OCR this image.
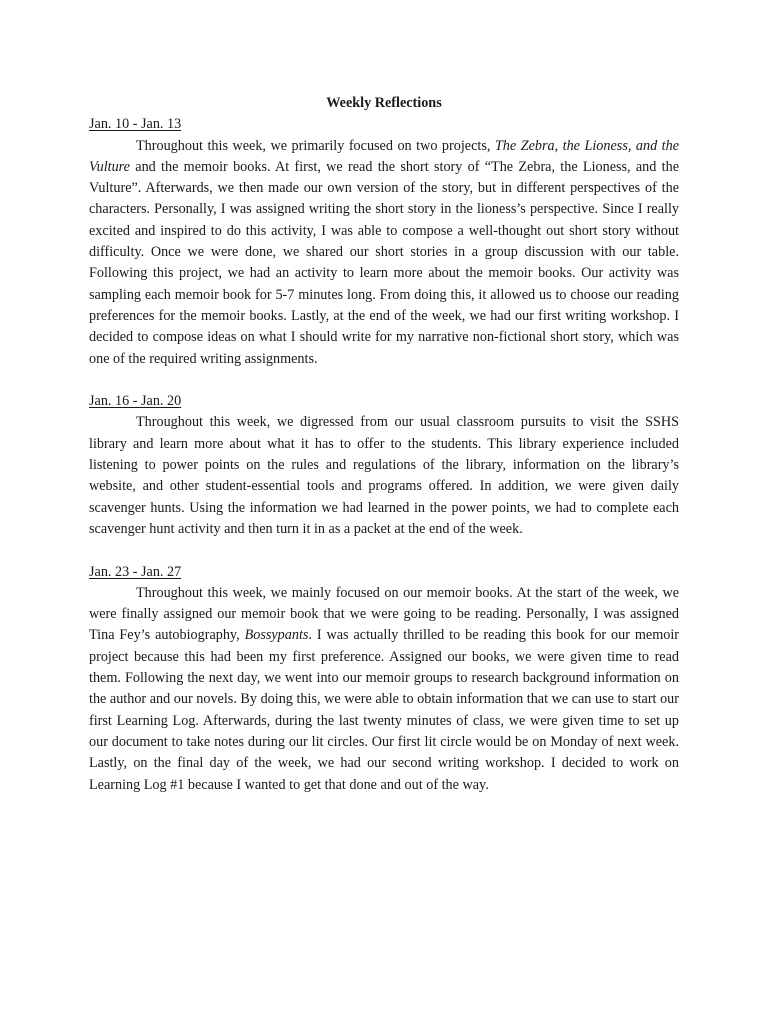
Weekly Reflections

Jan. 10 - Jan. 13

Throughout this week, we primarily focused on two projects, The Zebra, the Lioness, and the Vulture and the memoir books. At first, we read the short story of “The Zebra, the Lioness, and the Vulture”. Afterwards, we then made our own version of the story, but in different perspectives of the characters. Personally, I was assigned writing the short story in the lioness’s perspective. Since I really excited and inspired to do this activity, I was able to compose a well-thought out short story without difficulty. Once we were done, we shared our short stories in a group discussion with our table. Following this project, we had an activity to learn more about the memoir books. Our activity was sampling each memoir book for 5-7 minutes long. From doing this, it allowed us to choose our reading preferences for the memoir books. Lastly, at the end of the week, we had our first writing workshop. I decided to compose ideas on what I should write for my narrative non-fictional short story, which was one of the required writing assignments.

Jan. 16 - Jan. 20

Throughout this week, we digressed from our usual classroom pursuits to visit the SSHS library and learn more about what it has to offer to the students. This library experience included listening to power points on the rules and regulations of the library, information on the library’s website, and other student-essential tools and programs offered. In addition, we were given daily scavenger hunts. Using the information we had learned in the power points, we had to complete each scavenger hunt activity and then turn it in as a packet at the end of the week.

Jan. 23 - Jan. 27

Throughout this week, we mainly focused on our memoir books. At the start of the week, we were finally assigned our memoir book that we were going to be reading. Personally, I was assigned Tina Fey’s autobiography, Bossypants. I was actually thrilled to be reading this book for our memoir project because this had been my first preference. Assigned our books, we were given time to read them. Following the next day, we went into our memoir groups to research background information on the author and our novels. By doing this, we were able to obtain information that we can use to start our first Learning Log. Afterwards, during the last twenty minutes of class, we were given time to set up our document to take notes during our lit circles. Our first lit circle would be on Monday of next week. Lastly, on the final day of the week, we had our second writing workshop. I decided to work on Learning Log #1 because I wanted to get that done and out of the way.
